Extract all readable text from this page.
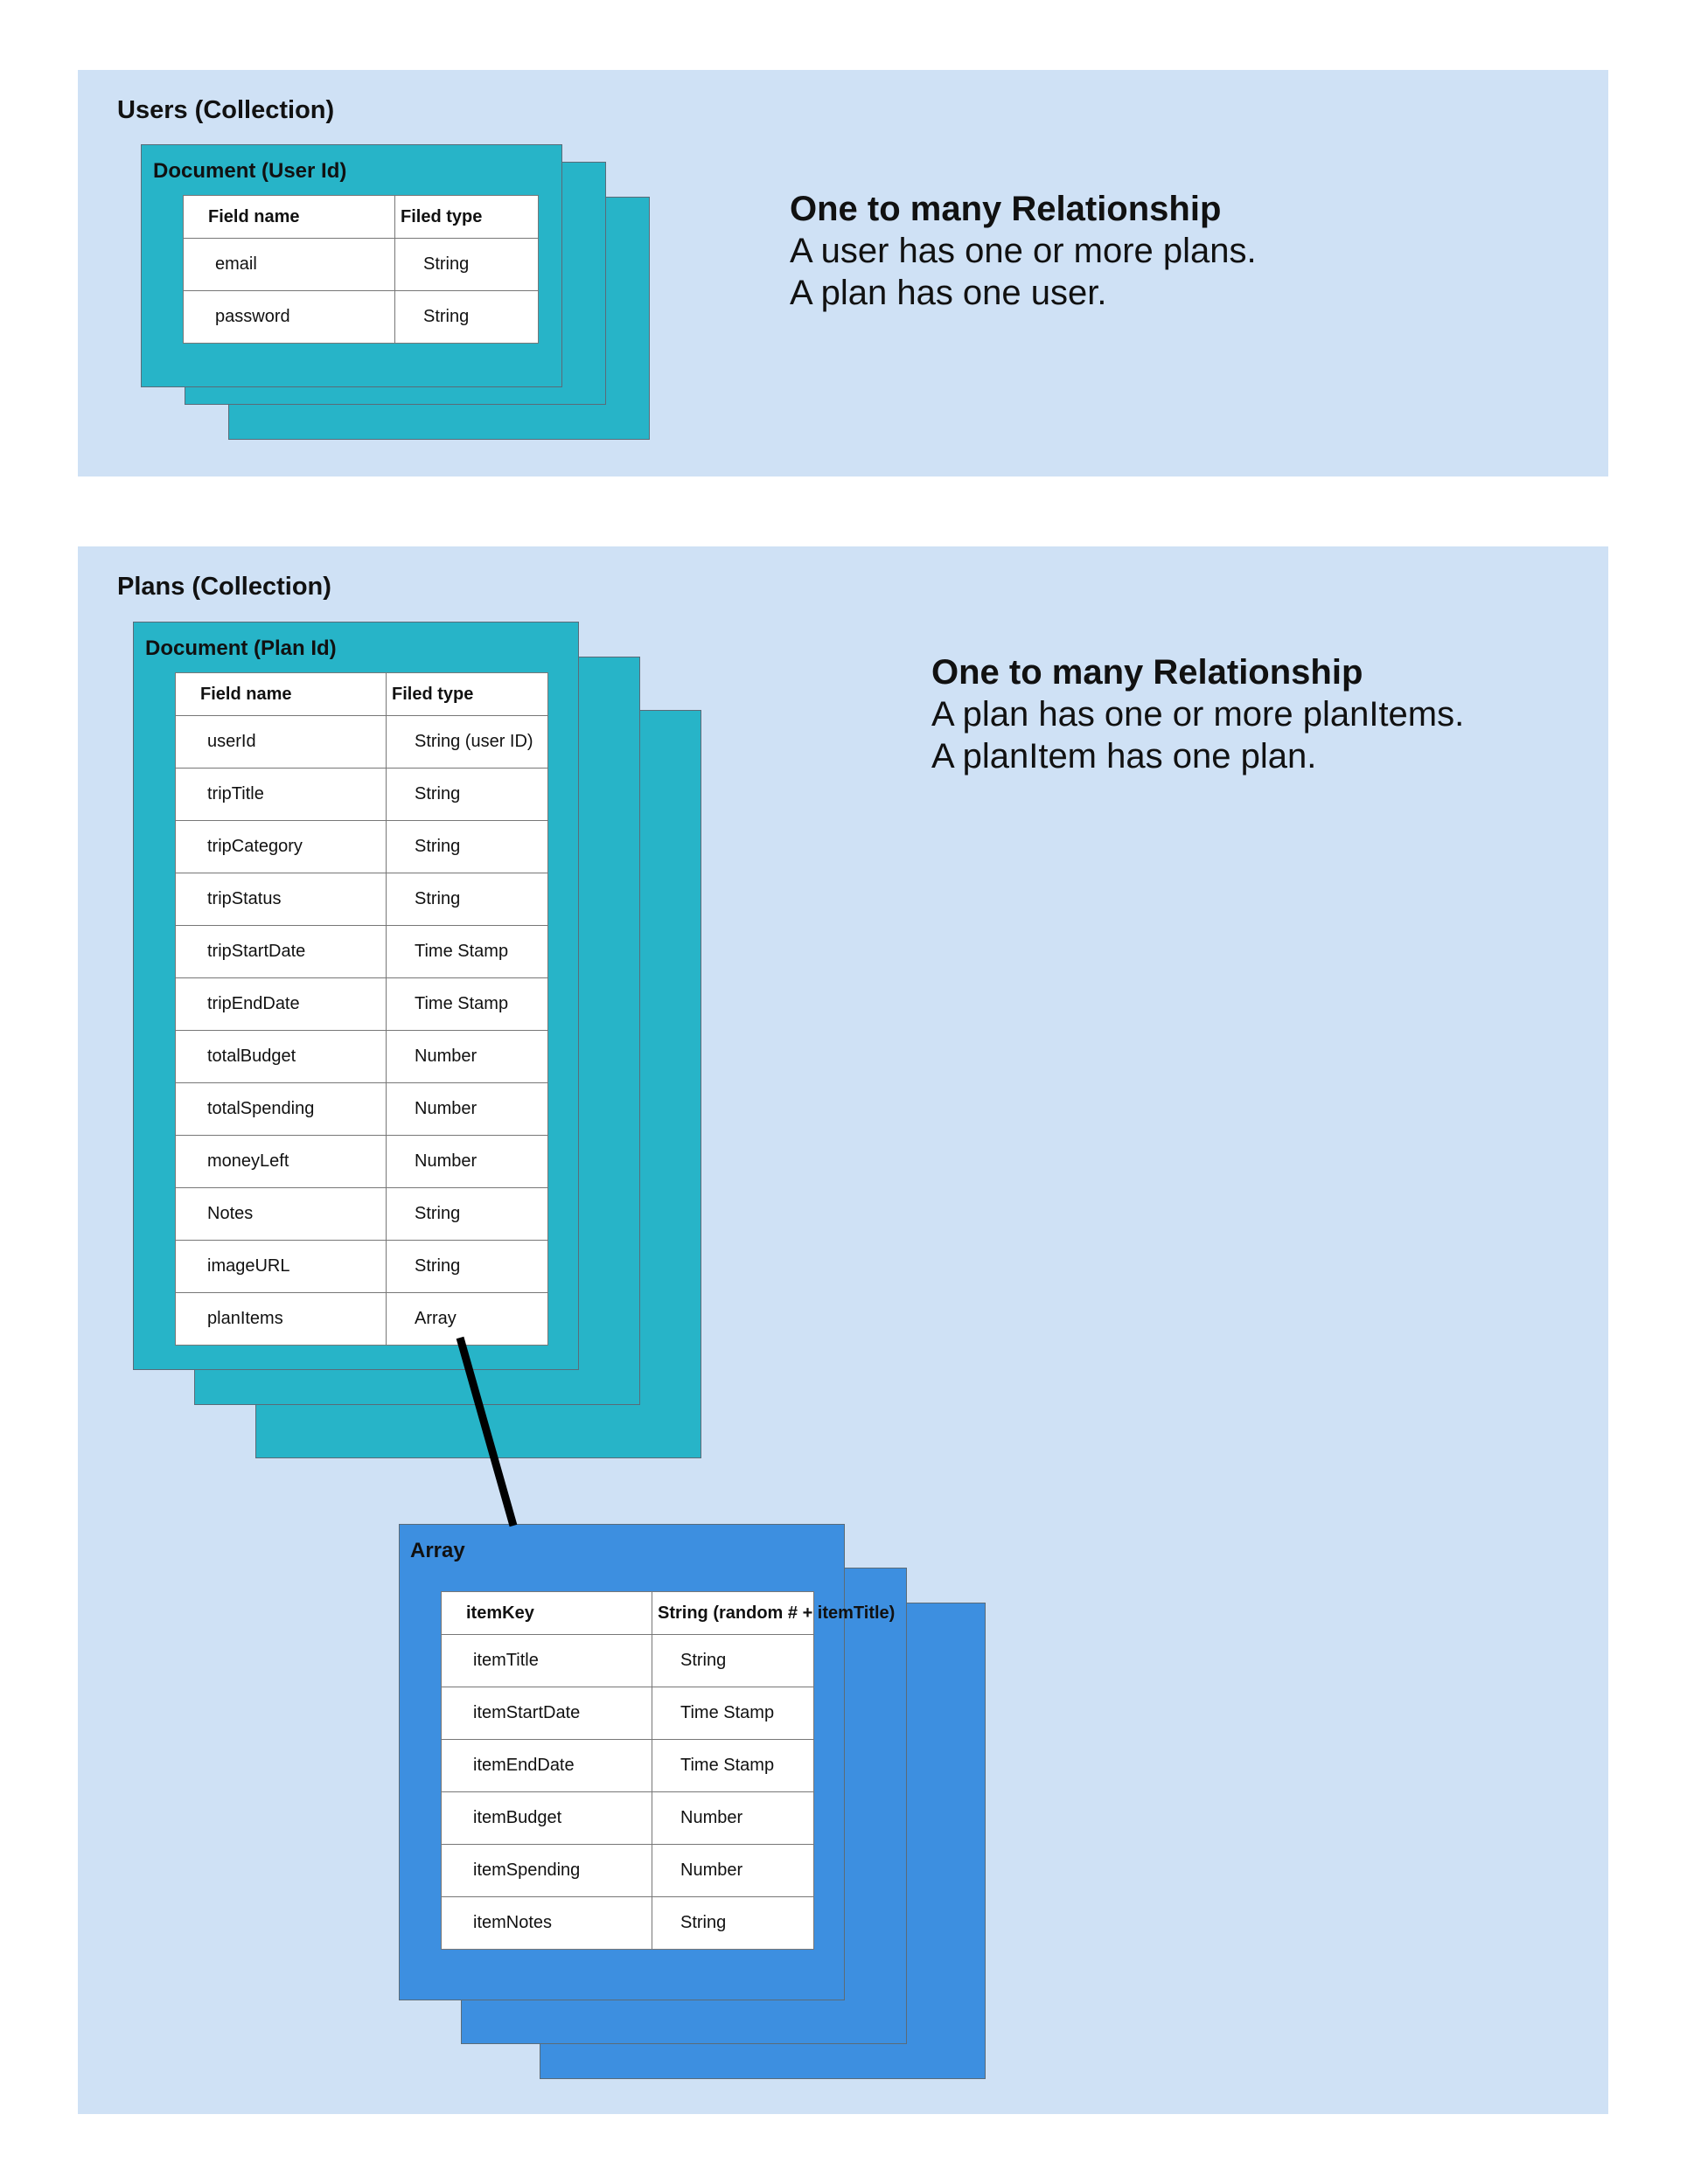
Users (Collection)
Document (User Id)
Field name	Filed type
email	String
password	String
One to many Relationship
A user has one or more plans.
A plan has one user.
Plans (Collection)
Document (Plan Id)
Field name	Filed type
userId	String (user ID)
tripTitle	String
tripCategory	String
tripStatus	String
tripStartDate	Time Stamp
tripEndDate	Time Stamp
totalBudget	Number
totalSpending	Number
moneyLeft	Number
Notes	String
imageURL	String
planItems	Array
Array
itemKey	String (random # + itemTitle)
itemTitle	String
itemStartDate	Time Stamp
itemEndDate	Time Stamp
itemBudget	Number
itemSpending	Number
itemNotes	String
One to many Relationship
A plan has one or more planItems.
A planItem has one plan.
